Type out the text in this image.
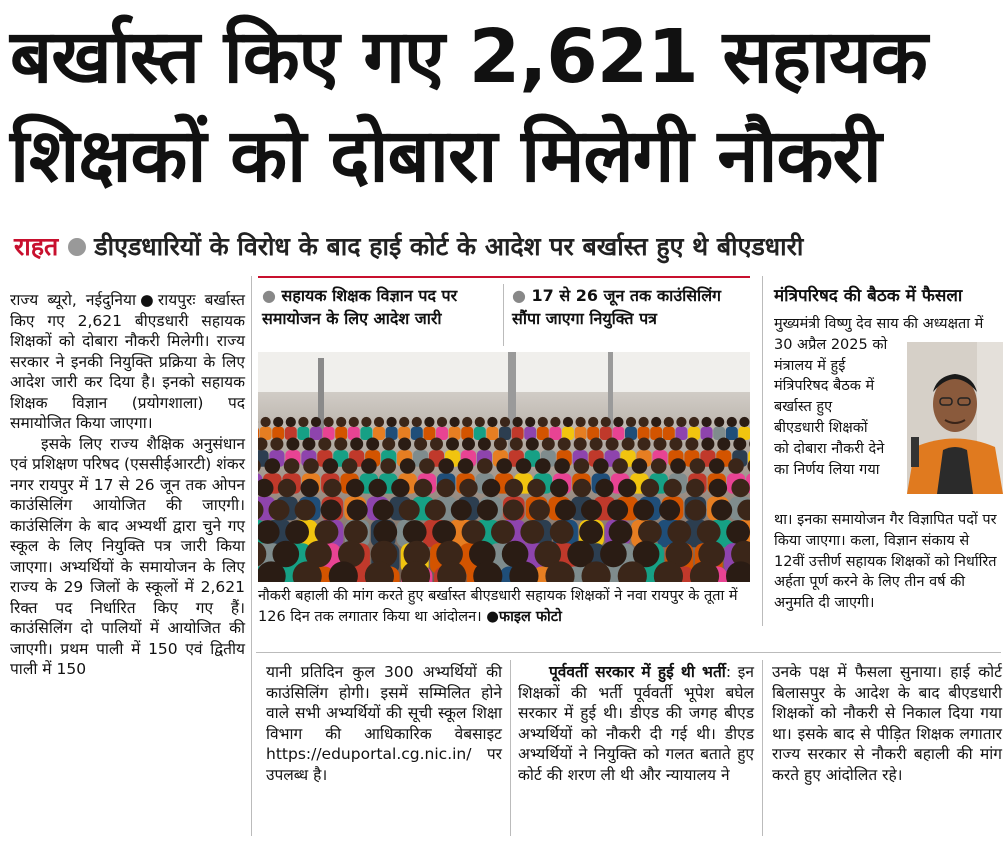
बर्खास्त किए गए 2,621 सहायक
शिक्षकों को दोबारा मिलेगी नौकरी
राहत डीएडधारियों के विरोध के बाद हाई कोर्ट के आदेश पर बर्खास्त हुए थे बीएडधारी

राज्य ब्यूरो, नईदुनिया●रायपुरः बर्खास्त किए गए 2,621 बीएडधारी सहायक शिक्षकों को दोबारा नौकरी मिलेगी। राज्य सरकार ने इनकी नियुक्ति प्रक्रिया के लिए आदेश जारी कर दिया है। इनको सहायक शिक्षक विज्ञान (प्रयोगशाला) पद समायोजित किया जाएगा।

इसके लिए राज्य शैक्षिक अनुसंधान एवं प्रशिक्षण परिषद (एससीईआरटी) शंकर नगर रायपुर में 17 से 26 जून तक ओपन काउंसिलिंग आयोजित की जाएगी। काउंसिलिंग के बाद अभ्यर्थी द्वारा चुने गए स्कूल के लिए नियुक्ति पत्र जारी किया जाएगा। अभ्यर्थियों के समायोजन के लिए राज्य के 29 जिलों के स्कूलों में 2,621 रिक्त पद निर्धारित किए गए हैं। काउंसिलिंग दो पालियों में आयोजित की जाएगी। प्रथम पाली में 150 एवं द्वितीय पाली में 150

● सहायक शिक्षक विज्ञान पद पर समायोजन के लिए आदेश जारी
● 17 से 26 जून तक काउंसिलिंग सौंपा जाएगा नियुक्ति पत्र
नौकरी बहाली की मांग करते हुए बर्खास्त बीएडधारी सहायक शिक्षकों ने नवा रायपुर के तूता में 126 दिन तक लगातार किया था आंदोलन। ●फाइल फोटो
मंत्रिपरिषद की बैठक में फैसला
मुख्यमंत्री विष्णु देव साय की अध्यक्षता में
30 अप्रैल 2025 को
मंत्रालय में हुई
मंत्रिपरिषद बैठक में
बर्खास्त हुए
बीएडधारी शिक्षकों
को दोबारा नौकरी देने
का निर्णय लिया गया
था। इनका समायोजन गैर विज्ञापित पदों पर किया जाएगा। कला, विज्ञान संकाय से 12वीं उत्तीर्ण सहायक शिक्षकों को निर्धारित अर्हता पूर्ण करने के लिए तीन वर्ष की अनुमति दी जाएगी।
यानी प्रतिदिन कुल 300 अभ्यर्थियों की काउंसिलिंग होगी। इसमें सम्मिलित होने वाले सभी अभ्यर्थियों की सूची स्कूल शिक्षा विभाग की आधिकारिक वेबसाइट https://eduportal.cg.nic.in/ पर उपलब्ध है।
पूर्ववर्ती सरकार में हुई थी भर्ती: इन शिक्षकों की भर्ती पूर्ववर्ती भूपेश बघेल सरकार में हुई थी। डीएड की जगह बीएड अभ्यर्थियों को नौकरी दी गई थी। डीएड अभ्यर्थियों ने नियुक्ति को गलत बताते हुए कोर्ट की शरण ली थी और न्यायालय ने
उनके पक्ष में फैसला सुनाया। हाई कोर्ट बिलासपुर के आदेश के बाद बीएडधारी शिक्षकों को नौकरी से निकाल दिया गया था। इसके बाद से पीड़ित शिक्षक लगातार राज्य सरकार से नौकरी बहाली की मांग करते हुए आंदोलित रहे।
